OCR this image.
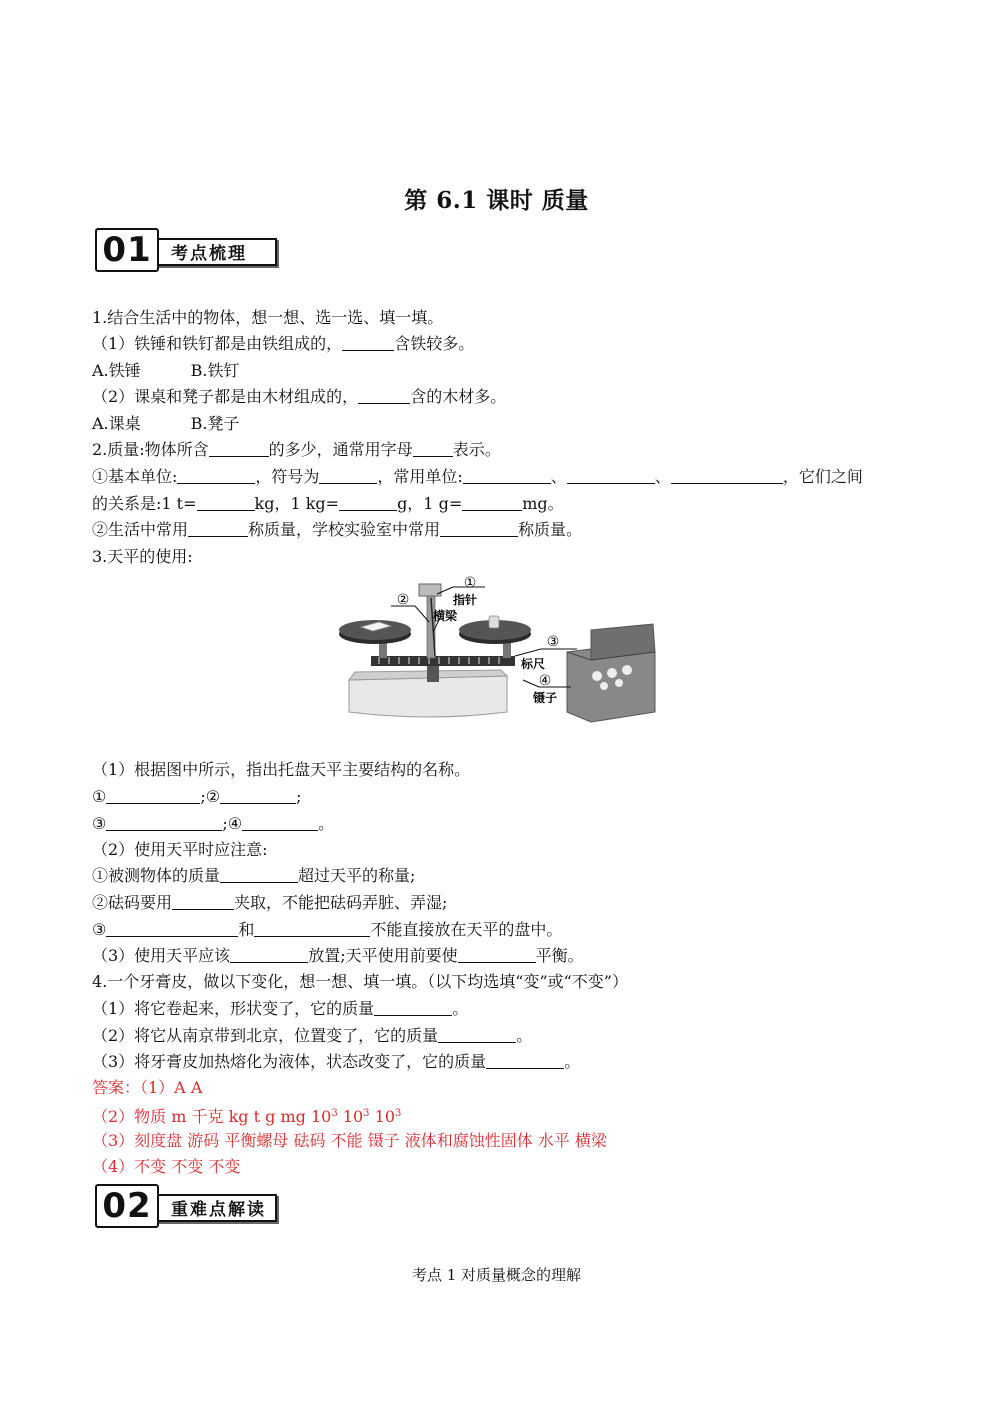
第 6.1 课时 质量
01	考点梳理
1.结合生活中的物体，想一想、选一选、填一填。
（1）铁锤和铁钉都是由铁组成的，	含铁较多。
A.铁锤	B.铁钉
（2）课桌和凳子都是由木材组成的，	含的木材多。
A.课桌	B.凳子
2.质量:物体所含	的多少，通常用字母	表示。
①基本单位:	，符号为	，常用单位:	、	、	，它们之间
的关系是:1 t=	kg，1 kg=	g，1 g=	mg。
②生活中常用	称质量，学校实验室中常用	称质量。
3.天平的使用:
①
指针
②
横梁
③
标尺
④
镊子
（1）根据图中所示，指出托盘天平主要结构的名称。
①	;②	;
③	;④	。
（2）使用天平时应注意:
①被测物体的质量	超过天平的称量;
②砝码要用	夹取，不能把砝码弄脏、弄湿;
③	和	不能直接放在天平的盘中。
（3）使用天平应该	放置;天平使用前要使	平衡。
4.一个牙膏皮，做以下变化，想一想、填一填。（以下均选填“变”或“不变”）
（1）将它卷起来，形状变了，它的质量	。
（2）将它从南京带到北京，位置变了，它的质量	。
（3）将牙膏皮加热熔化为液体，状态改变了，它的质量	。
答案：（1）A A
（2）物质 m 千克 kg t g mg $10^3$ $10^3$ $10^3$
（3）刻度盘 游码 平衡螺母 砝码 不能 镊子 液体和腐蚀性固体 水平 横梁
（4）不变 不变 不变
02	重难点解读
考点 1 对质量概念的理解
